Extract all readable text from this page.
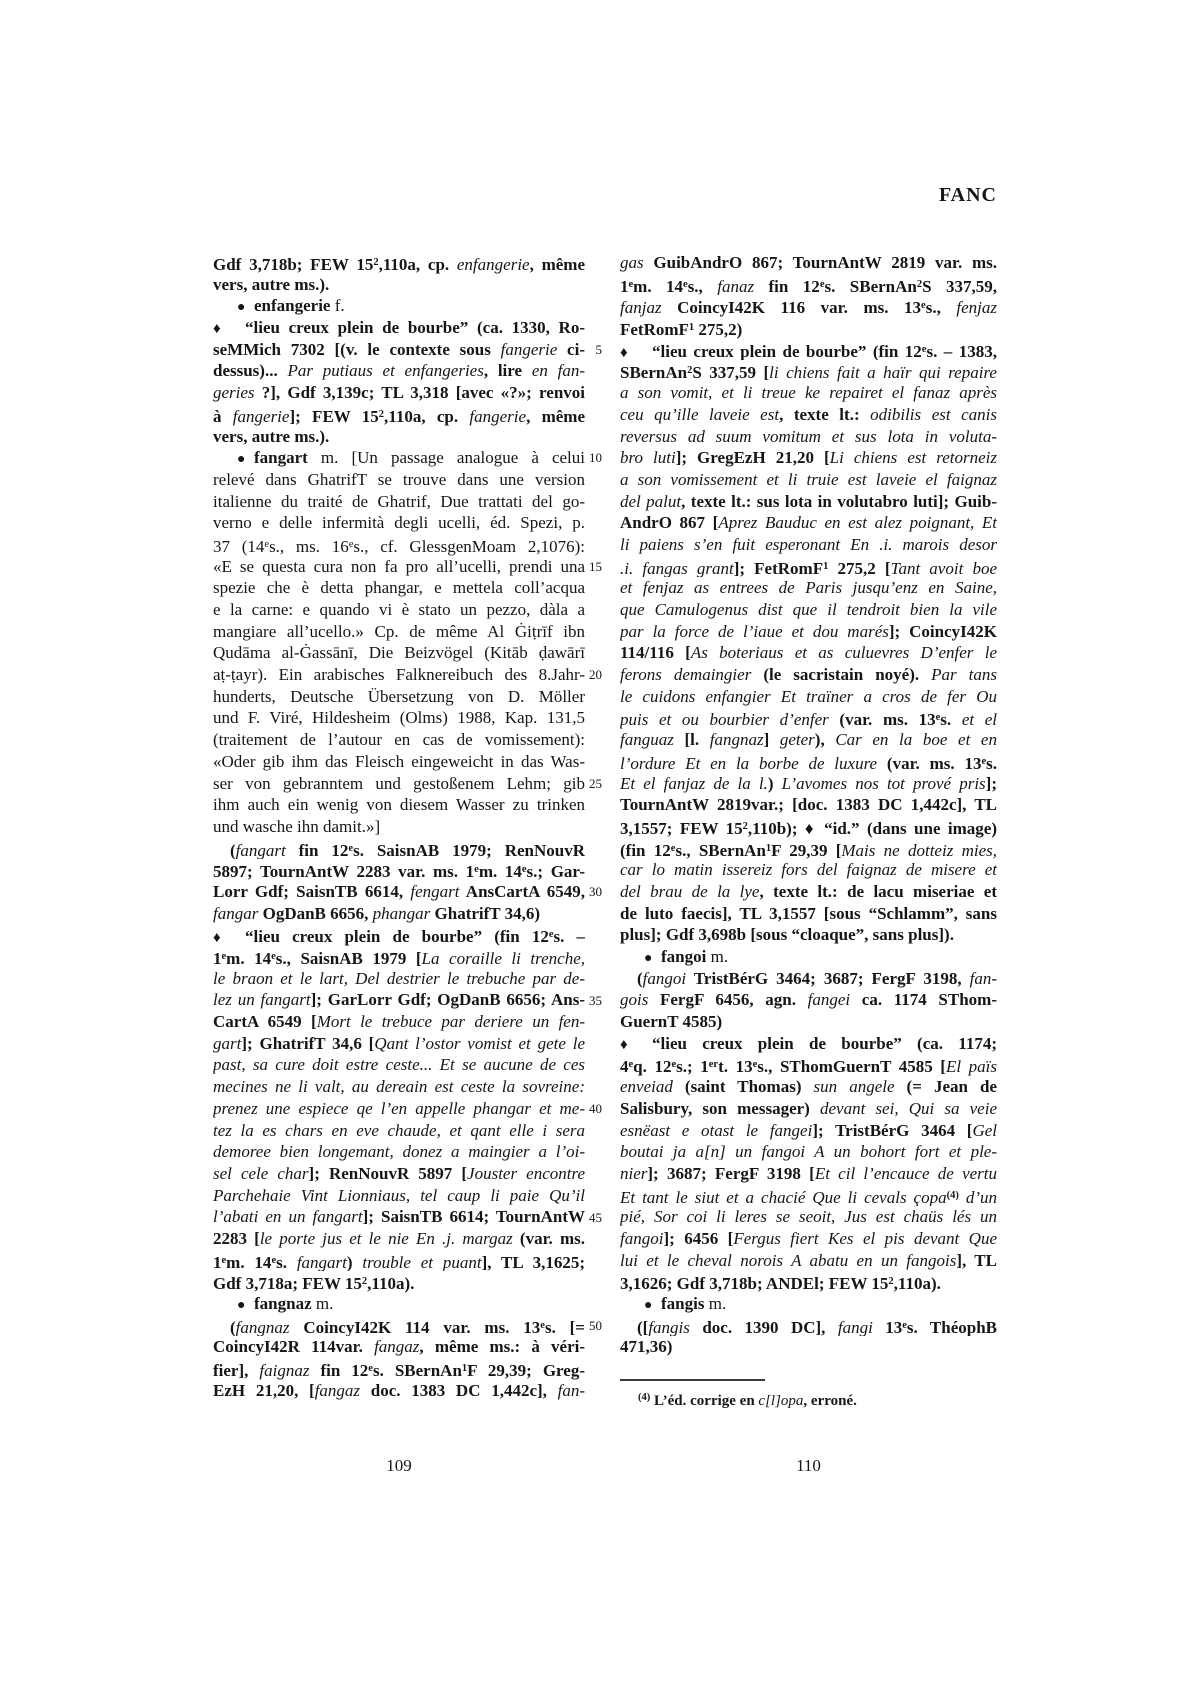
FANC
Gdf 3,718b; FEW $15^2,110a$, cp. enfangerie, même
vers, autre ms.).
● enfangerie f.
♦ “lieu creux plein de bourbe” (ca. 1330, Ro-
seMMich 7302 [(v. le contexte sous fangerie ci-
dessus)... Par putiaus et enfangeries, lire en fan-
geries ?], Gdf 3,139c; TL 3,318 [avec «?»; renvoi
à fangerie]; FEW $15^2,110a$, cp. fangerie, même
vers, autre ms.).
● fangart m. [Un passage analogue à celui
relevé dans GhatrifT se trouve dans une version
italienne du traité de Ghatrif, Due trattati del go-
verno e delle infermità degli ucelli, éd. Spezi, p.
37 (14es., ms. 16es., cf. GlessgenMoam 2,1076):
«E se questa cura non fa pro all’ucelli, prendi una
spezie che è detta phangar, e mettela coll’acqua
e la carne: e quando vi è stato un pezzo, dàla a
mangiare all’ucello.» Cp. de même Al Ġiṭrīf ibn
Qudāma al-Ġassānī, Die Beizvögel (Kitāb ḍawārī
aṭ-ṭayr). Ein arabisches Falknereibuch des 8.Jahr-
hunderts, Deutsche Übersetzung von D. Möller
und F. Viré, Hildesheim (Olms) 1988, Kap. 131,5
(traitement de l’autour en cas de vomissement):
«Oder gib ihm das Fleisch eingeweicht in das Was-
ser von gebranntem und gestoßenem Lehm; gib
ihm auch ein wenig von diesem Wasser zu trinken
und wasche ihn damit.»]
(fangart fin 12es. SaisnAB 1979; RenNouvR
5897; TournAntW 2283 var. ms. 1em. 14es.; Gar-
Lorr Gdf; SaisnTB 6614, fengart AnsCartA 6549,
fangar OgDanB 6656, phangar GhatrifT 34,6)
♦ “lieu creux plein de bourbe” (fin 12es. –
1em. 14es., SaisnAB 1979 [La coraille li trenche,
le braon et le lart, Del destrier le trebuche par de-
lez un fangart]; GarLorr Gdf; OgDanB 6656; Ans-
CartA 6549 [Mort le trebuce par deriere un fen-
gart]; GhatrifT 34,6 [Qant l’ostor vomist et gete le
past, sa cure doit estre ceste... Et se aucune de ces
mecines ne li valt, au dereain est ceste la sovreine:
prenez une espiece qe l’en appelle phangar et me-
tez la es chars en eve chaude, et qant elle i sera
demoree bien longemant, donez a maingier a l’oi-
sel cele char]; RenNouvR 5897 [Jouster encontre
Parchehaie Vint Lionniaus, tel caup li paie Qu’il
l’abati en un fangart]; SaisnTB 6614; TournAntW
2283 [le porte jus et le nie En .j. margaz (var. ms.
1em. 14es. fangart) trouble et puant], TL 3,1625;
Gdf 3,718a; FEW $15^2,110a$).
● fangnaz m.
(fangnaz CoincyI42K 114 var. ms. 13es. [=
CoincyI42R 114var. fangaz, même ms.: à véri-
fier], faignaz fin 12es. SBernAn$^1$F 29,39; Greg-
EzH 21,20, [fangaz doc. 1383 DC 1,442c], fan-
5
10
15
20
25
30
35
40
45
50
gas GuibAndrO 867; TournAntW 2819 var. ms.
1em. 14es., fanaz fin 12es. SBernAn$^2$S 337,59,
fanjaz CoincyI42K 116 var. ms. 13es., fenjaz
FetRomF$^1$ 275,2)
♦ “lieu creux plein de bourbe” (fin 12es. – 1383,
SBernAn$^2$S 337,59 [li chiens fait a haïr qui repaire
a son vomit, et li treue ke repairet el fanaz après
ceu qu’ille laveie est, texte lt.: odibilis est canis
reversus ad suum vomitum et sus lota in voluta-
bro luti]; GregEzH 21,20 [Li chiens est retorneiz
a son vomissement et li truie est laveie el faignaz
del palut, texte lt.: sus lota in volutabro luti]; Guib-
AndrO 867 [Aprez Bauduc en est alez poignant, Et
li paiens s’en fuit esperonant En .i. marois desor
.i. fangas grant]; FetRomF$^1$ 275,2 [Tant avoit boe
et fenjaz as entrees de Paris jusqu’enz en Saine,
que Camulogenus dist que il tendroit bien la vile
par la force de l’iaue et dou marés]; CoincyI42K
114/116 [As boteriaus et as culuevres D’enfer le
ferons demaingier (le sacristain noyé). Par tans
le cuidons enfangier Et traïner a cros de fer Ou
puis et ou bourbier d’enfer (var. ms. 13es. et el
fanguaz [l. fangnaz] geter), Car en la boe et en
l’ordure Et en la borbe de luxure (var. ms. 13es.
Et el fanjaz de la l.) L’avomes nos tot prové pris];
TournAntW 2819var.; [doc. 1383 DC 1,442c], TL
3,1557; FEW $15^2,110b$); ♦ “id.” (dans une image)
(fin 12es., SBernAn$^1$F 29,39 [Mais ne dotteiz mies,
car lo matin issereiz fors del faignaz de misere et
del brau de la lye, texte lt.: de lacu miseriae et
de luto faecis], TL 3,1557 [sous “Schlamm”, sans
plus]; Gdf 3,698b [sous “cloaque”, sans plus]).
● fangoi m.
(fangoi TristBérG 3464; 3687; FergF 3198, fan-
gois FergF 6456, agn. fangei ca. 1174 SThom-
GuernT 4585)
♦ “lieu creux plein de bourbe” (ca. 1174;
4eq. 12es.; 1ert. 13es., SThomGuernT 4585 [El païs
enveiad (saint Thomas) sun angele (= Jean de
Salisbury, son messager) devant sei, Qui sa veie
esnëast e otast le fangei]; TristBérG 3464 [Gel
boutai ja a[n] un fangoi A un bohort fort et ple-
nier]; 3687; FergF 3198 [Et cil l’encauce de vertu
Et tant le siut et a chacié Que li cevals çopa$^{(4)}$ d’un
pié, Sor coi li leres se seoit, Jus est chaüs lés un
fangoi]; 6456 [Fergus fiert Kes el pis devant Que
lui et le cheval norois A abatu en un fangois], TL
3,1626; Gdf 3,718b; ANDEl; FEW $15^2,110a$).
● fangis m.
([fangis doc. 1390 DC], fangi 13es. ThéophB
471,36)
$^{(4)}$ L’éd. corrige en c[l]opa, erroné.
109	110
